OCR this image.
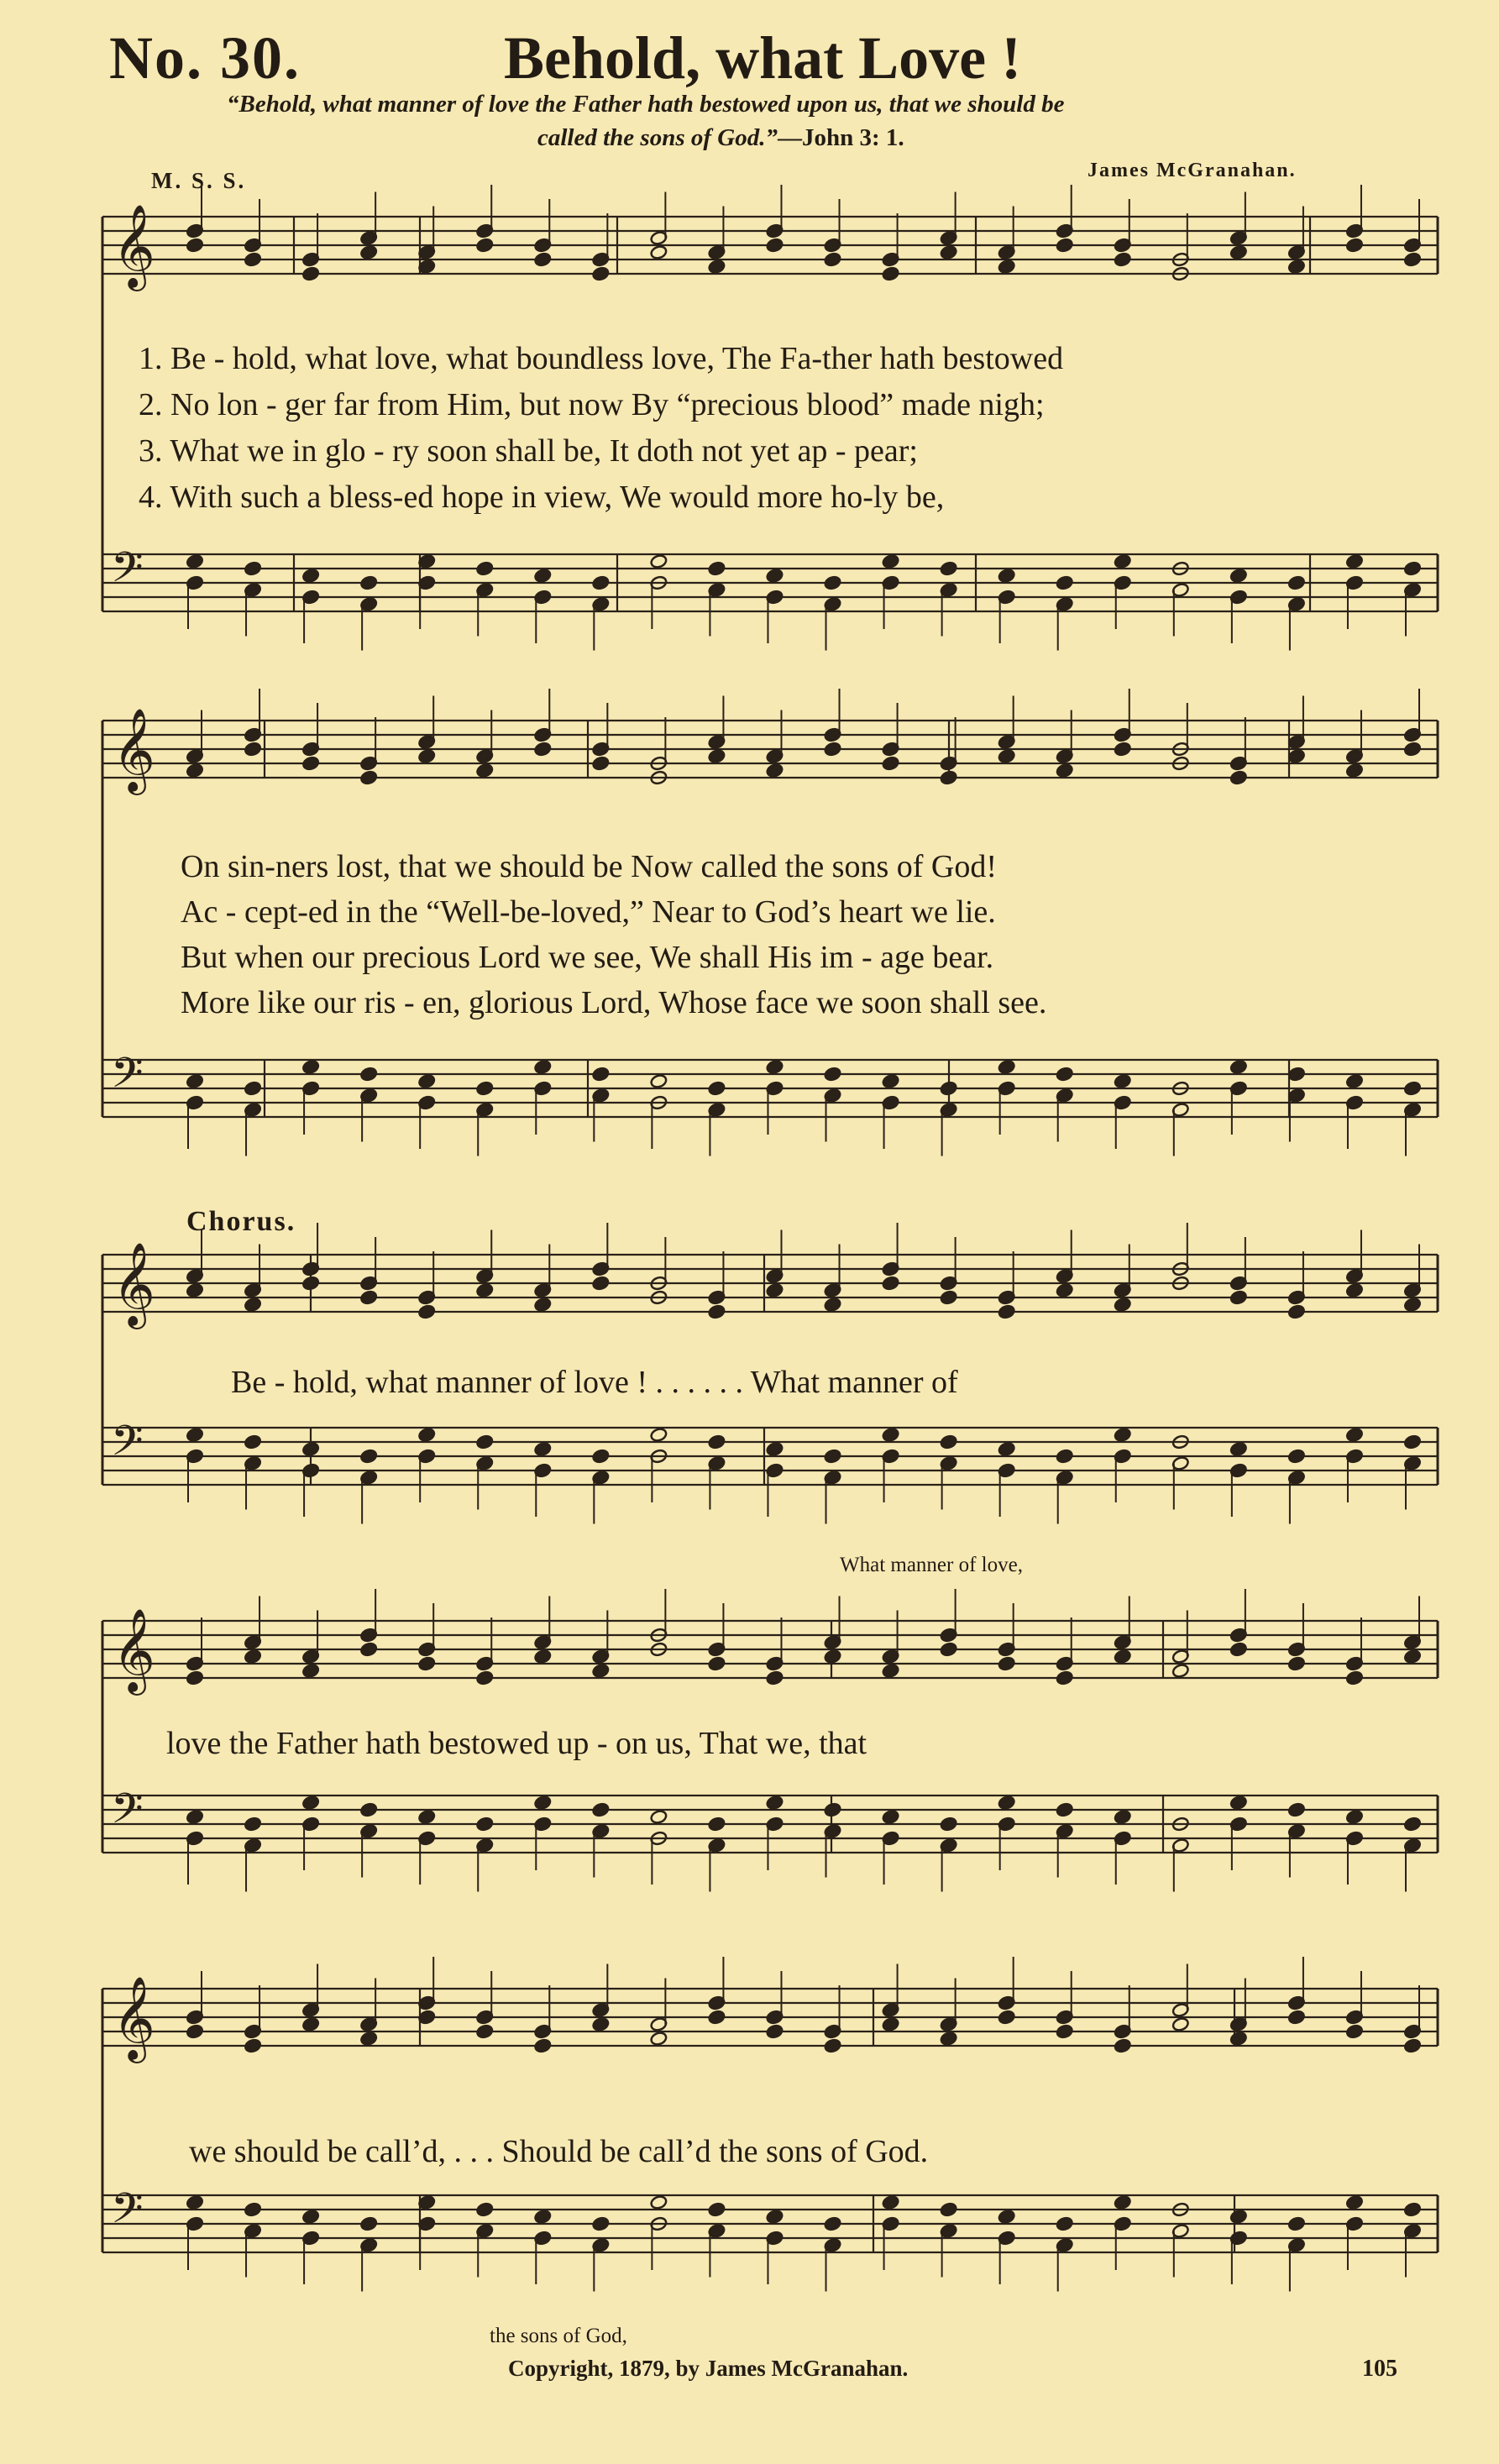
No. 30.	Behold, what Love !
“Behold, what manner of love the Father hath bestowed upon us, that we should be
called the sons of God.”—John 3: 1.
M. S. S.	James McGranahan.
𝄞
𝄢
𝄞
𝄢
𝄞
𝄢
𝄞
𝄢
𝄞
𝄢
1. Be - hold, what love, what boundless love, The Fa-ther hath bestowed
2. No lon - ger far from Him, but now By “precious blood” made nigh;
3. What we in glo - ry soon shall be, It doth not yet ap - pear;
4. With such a bless-ed hope in view, We would more ho-ly be,
On sin-ners lost, that we should be Now called the sons of God!
Ac - cept-ed in the “Well-be-loved,” Near to God’s heart we lie.
But when our precious Lord we see, We shall His im - age bear.
More like our ris - en, glorious Lord, Whose face we soon shall see.
Chorus.
Be - hold, what manner of love ! . . . . . . What manner of
What manner of love,
love the Father hath bestowed up - on us, That we, that
we should be call’d, . . . Should be call’d the sons of God.
the sons of God,
Copyright, 1879, by James McGranahan.	105
